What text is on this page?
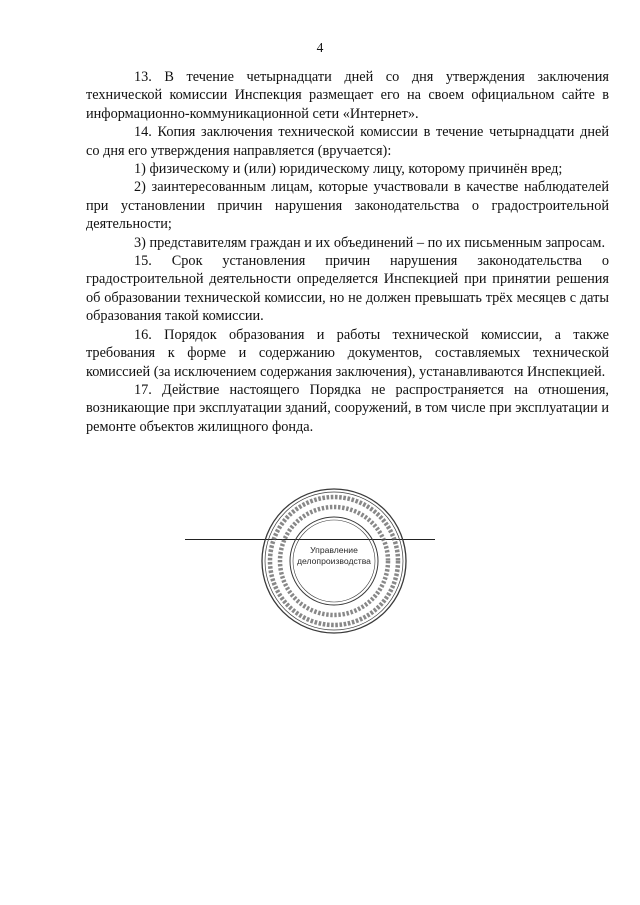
4

13. В течение четырнадцати дней со дня утверждения заключения технической комиссии Инспекция размещает его на своем официальном сайте в информационно-коммуникационной сети «Интернет».

14. Копия заключения технической комиссии в течение четырнадцати дней со дня его утверждения направляется (вручается):

1) физическому и (или) юридическому лицу, которому причинён вред;

2) заинтересованным лицам, которые участвовали в качестве наблюдателей при установлении причин нарушения законодательства о градостроительной деятельности;

3) представителям граждан и их объединений – по их письменным запросам.

15. Срок установления причин нарушения законодательства о градостроительной деятельности определяется Инспекцией при принятии решения об образовании технической комиссии, но не должен превышать трёх месяцев с даты образования такой комиссии.

16. Порядок образования и работы технической комиссии, а также требования к форме и содержанию документов, составляемых технической комиссией (за исключением содержания заключения), устанавливаются Инспекцией.

17. Действие настоящего Порядка не распространяется на отношения, возникающие при эксплуатации зданий, сооружений, в том числе при эксплуатации и ремонте объектов жилищного фонда.

Управление
делопроизводства
